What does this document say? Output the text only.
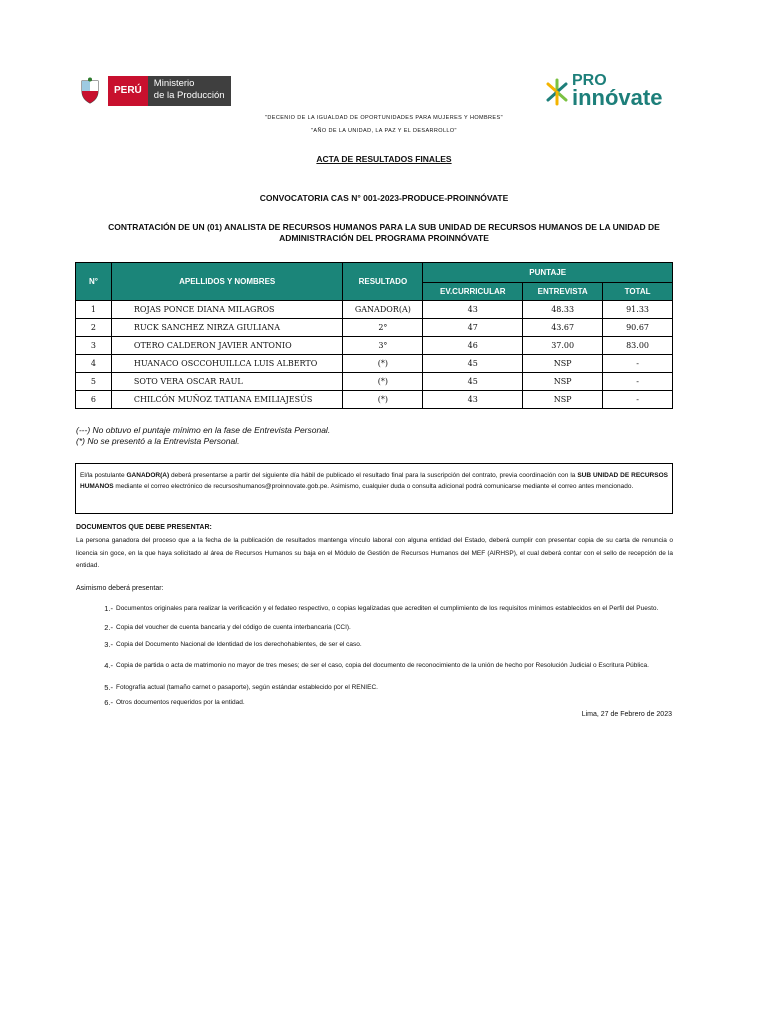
PERÚ
Ministerio
de la Producción
PRO
innóvate
"DECENIO DE LA IGUALDAD DE OPORTUNIDADES PARA MUJERES Y HOMBRES"
"AÑO DE LA UNIDAD, LA PAZ Y EL DESARROLLO"
ACTA DE RESULTADOS FINALES
CONVOCATORIA CAS N° 001-2023-PRODUCE-PROINNÓVATE
CONTRATACIÓN DE UN (01) ANALISTA DE RECURSOS HUMANOS PARA LA SUB UNIDAD DE RECURSOS HUMANOS DE LA UNIDAD DE
ADMINISTRACIÓN DEL PROGRAMA PROINNÓVATE
N°	APELLIDOS Y NOMBRES	RESULTADO	PUNTAJE		
			EV.CURRICULAR	ENTREVISTA	TOTAL
1	ROJAS PONCE DIANA MILAGROS	GANADOR(A)	43	48.33	91.33
2	RUCK SANCHEZ NIRZA GIULIANA	2°	47	43.67	90.67
3	OTERO CALDERON JAVIER ANTONIO	3°	46	37.00	83.00
4	HUANACO OSCCOHUILLCA LUIS ALBERTO	(*)	45	NSP	-
5	SOTO VERA OSCAR RAUL	(*)	45	NSP	-
6	CHILCÓN MUÑOZ TATIANA EMILIAJESÚS	(*)	43	NSP	-
(---) No obtuvo el puntaje mínimo en la fase de Entrevista Personal.
(*) No se presentó a la Entrevista Personal.
El/la postulante GANADOR(A) deberá presentarse a partir del siguiente día hábil de publicado el resultado final para la suscripción del contrato, previa coordinación con la SUB UNIDAD DE RECURSOS HUMANOS mediante el correo electrónico de recursoshumanos@proinnovate.gob.pe. Asimismo, cualquier duda o consulta adicional podrá comunicarse mediante el correo antes mencionado.
DOCUMENTOS QUE DEBE PRESENTAR:
La persona ganadora del proceso que a la fecha de la publicación de resultados mantenga vínculo laboral con alguna entidad del Estado, deberá cumplir con presentar copia de su carta de renuncia o licencia sin goce, en la que haya solicitado al área de Recursos Humanos su baja en el Módulo de Gestión de Recursos Humanos del MEF (AIRHSP), el cual deberá contar con el sello de recepción de la entidad.
Asimismo deberá presentar:
1.- Documentos originales para realizar la verificación y el fedateo respectivo, o copias legalizadas que acrediten el cumplimiento de los requisitos mínimos establecidos en el Perfil del Puesto.
2.- Copia del voucher de cuenta bancaria y del código de cuenta interbancaria (CCI).
3.- Copia del Documento Nacional de Identidad de los derechohabientes, de ser el caso.
4.- Copia de partida o acta de matrimonio no mayor de tres meses; de ser el caso, copia del documento de reconocimiento de la unión de hecho por Resolución Judicial o Escritura Pública.
5.- Fotografía actual (tamaño carnet o pasaporte), según estándar establecido por el RENIEC.
6.- Otros documentos requeridos por la entidad.
Lima, 27 de Febrero de 2023
